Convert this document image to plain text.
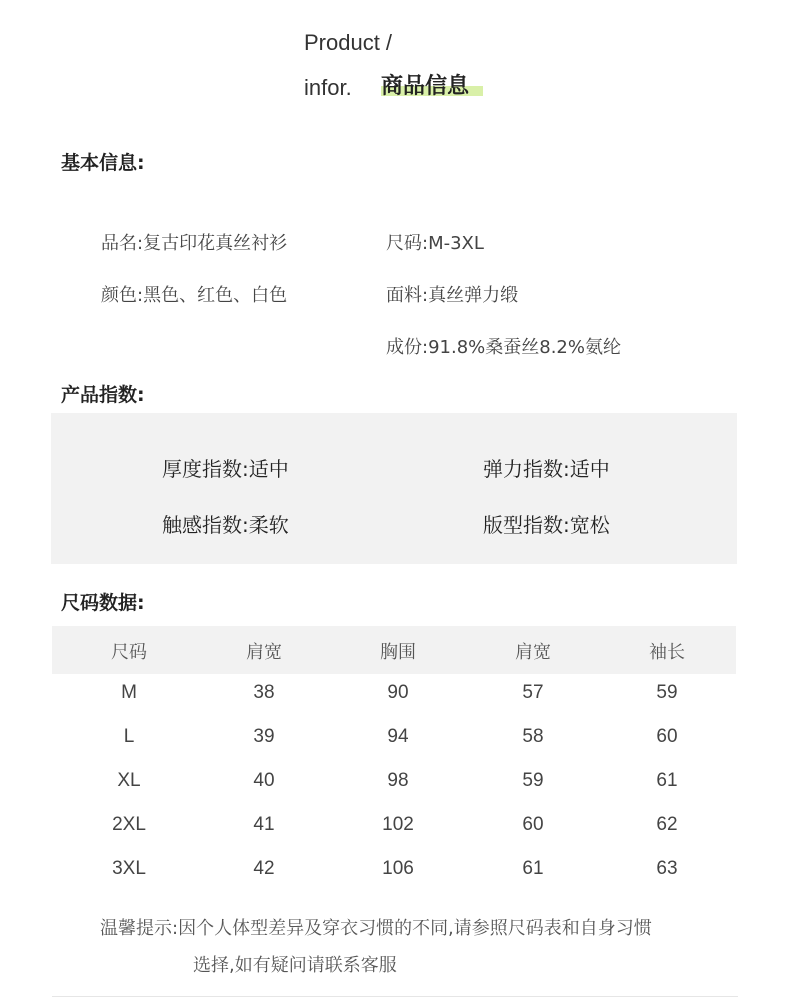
Product /
infor. 商品信息
基本信息:
品名:复古印花真丝衬衫	尺码:M-3XL
颜色:黑色、红色、白色	面料:真丝弹力缎
成份:91.8%桑蚕丝8.2%氨纶
产品指数:
厚度指数:适中	弹力指数:适中
触感指数:柔软	版型指数:宽松
尺码数据:
尺码	肩宽	胸围	肩宽	袖长
M	38	90	57	59
L	39	94	58	60
XL	40	98	59	61
2XL	41	102	60	62
3XL	42	106	61	63
温馨提示:因个人体型差异及穿衣习惯的不同,请参照尺码表和自身习惯
选择,如有疑问请联系客服
